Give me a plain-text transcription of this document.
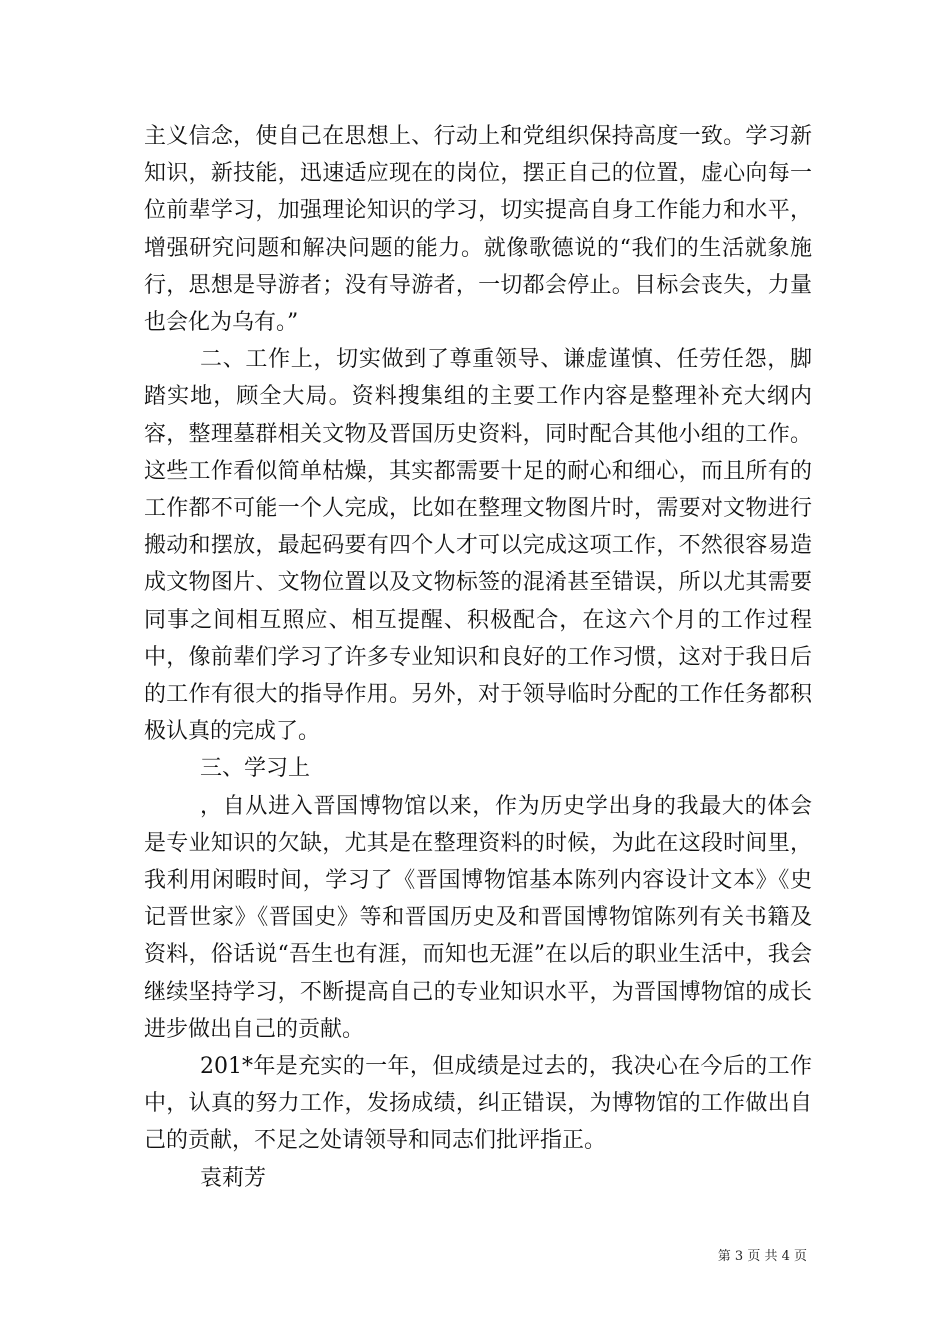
主义信念，使自己在思想上、行动上和党组织保持高度一致。学习新知识，新技能，迅速适应现在的岗位，摆正自己的位置，虚心向每一位前辈学习，加强理论知识的学习，切实提高自身工作能力和水平，增强研究问题和解决问题的能力。就像歌德说的“我们的生活就象施行，思想是导游者；没有导游者，一切都会停止。目标会丧失，力量也会化为乌有。”

二、工作上，切实做到了尊重领导、谦虚谨慎、任劳任怨，脚踏实地，顾全大局。资料搜集组的主要工作内容是整理补充大纲内容，整理墓群相关文物及晋国历史资料，同时配合其他小组的工作。这些工作看似简单枯燥，其实都需要十足的耐心和细心，而且所有的工作都不可能一个人完成，比如在整理文物图片时，需要对文物进行搬动和摆放，最起码要有四个人才可以完成这项工作，不然很容易造成文物图片、文物位置以及文物标签的混淆甚至错误，所以尤其需要同事之间相互照应、相互提醒、积极配合，在这六个月的工作过程中，像前辈们学习了许多专业知识和良好的工作习惯，这对于我日后的工作有很大的指导作用。另外，对于领导临时分配的工作任务都积极认真的完成了。

三、学习上

，自从进入晋国博物馆以来，作为历史学出身的我最大的体会是专业知识的欠缺，尤其是在整理资料的时候，为此在这段时间里，我利用闲暇时间，学习了《晋国博物馆基本陈列内容设计文本》《史记晋世家》《晋国史》等和晋国历史及和晋国博物馆陈列有关书籍及资料，俗话说“吾生也有涯，而知也无涯”在以后的职业生活中，我会继续坚持学习，不断提高自己的专业知识水平，为晋国博物馆的成长进步做出自己的贡献。

201*年是充实的一年，但成绩是过去的，我决心在今后的工作中，认真的努力工作，发扬成绩，纠正错误，为博物馆的工作做出自己的贡献，不足之处请领导和同志们批评指正。

袁莉芳

第 3 页 共 4 页
